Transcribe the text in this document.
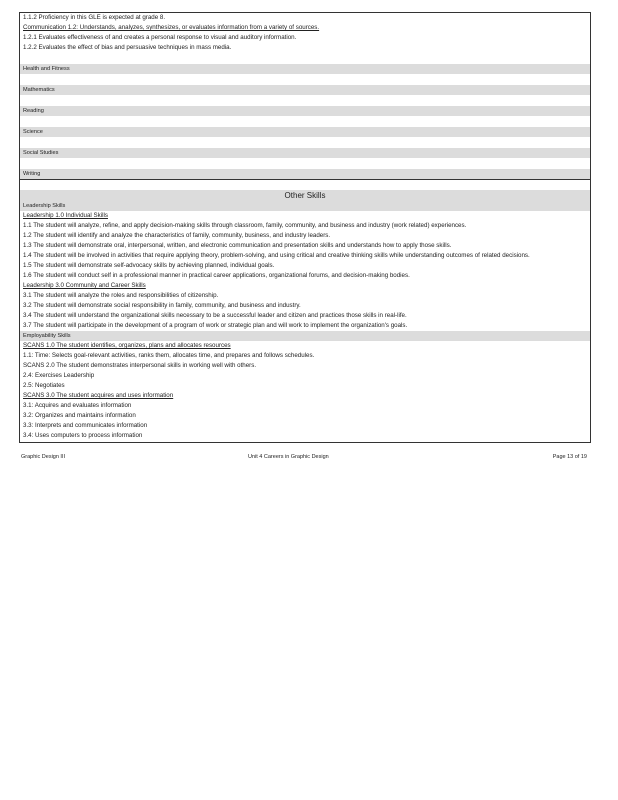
1.1.2 Proficiency in this GLE is expected at grade 8.
Communication 1.2: Understands, analyzes, synthesizes, or evaluates information from a variety of sources.
1.2.1 Evaluates effectiveness of and creates a personal response to visual and auditory information.
1.2.2 Evaluates the effect of bias and persuasive techniques in mass media.
Health and Fitness
Mathematics
Reading
Science
Social Studies
Writing
Other Skills
Leadership Skills
Leadership 1.0 Individual Skills
1.1 The student will analyze, refine, and apply decision-making skills through classroom, family, community, and business and industry (work related) experiences.
1.2 The student will identify and analyze the characteristics of family, community, business, and industry leaders.
1.3 The student will demonstrate oral, interpersonal, written, and electronic communication and presentation skills and understands how to apply those skills.
1.4 The student will be involved in activities that require applying theory, problem-solving, and using critical and creative thinking skills while understanding outcomes of related decisions.
1.5 The student will demonstrate self-advocacy skills by achieving planned, individual goals.
1.6 The student will conduct self in a professional manner in practical career applications, organizational forums, and decision-making bodies.
Leadership 3.0 Community and Career Skills
3.1 The student will analyze the roles and responsibilities of citizenship.
3.2 The student will demonstrate social responsibility in family, community, and business and industry.
3.4 The student will understand the organizational skills necessary to be a successful leader and citizen and practices those skills in real-life.
3.7 The student will participate in the development of a program of work or strategic plan and will work to implement the organization's goals.
Employability Skills
SCANS 1.0 The student identifies, organizes, plans and allocates resources
1.1: Time: Selects goal-relevant activities, ranks them, allocates time, and prepares and follows schedules.
SCANS 2.0 The student demonstrates interpersonal skills in working well with others.
2.4: Exercises Leadership
2.5: Negotiates
SCANS 3.0 The student acquires and uses information
3.1: Acquires and evaluates information
3.2: Organizes and maintains information
3.3: Interprets and communicates information
3.4: Uses computers to process information
Graphic Design III	Unit 4 Careers in Graphic Design	Page 13 of 19
